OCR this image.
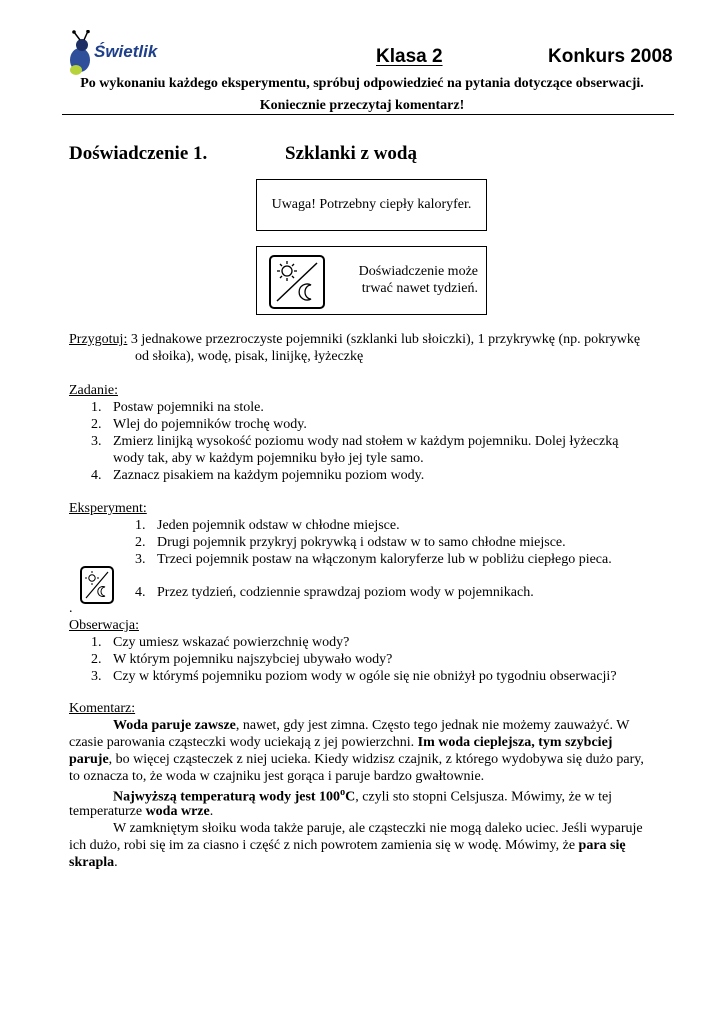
Świetlik	Klasa 2	Konkurs 2008
Po wykonaniu każdego eksperymentu, spróbuj odpowiedzieć na pytania dotyczące obserwacji.
Koniecznie przeczytaj komentarz!
Doświadczenie 1.	Szklanki z wodą
Uwaga! Potrzebny ciepły kaloryfer.
Doświadczenie może
trwać nawet tydzień.
Przygotuj: 3 jednakowe przezroczyste pojemniki (szklanki lub słoiczki), 1 przykrywkę (np. pokrywkę
od słoika), wodę, pisak, linijkę, łyżeczkę
Zadanie:
1. Postaw pojemniki na stole.
2. Wlej do pojemników trochę wody.
3. Zmierz linijką wysokość poziomu wody nad stołem w każdym pojemniku. Dolej łyżeczką
wody tak, aby w każdym pojemniku było jej tyle samo.
4. Zaznacz pisakiem na każdym pojemniku poziom wody.
Eksperyment:
1. Jeden pojemnik odstaw w chłodne miejsce.
2. Drugi pojemnik przykryj pokrywką i odstaw w to samo chłodne miejsce.
3. Trzeci pojemnik postaw na włączonym kaloryferze lub w pobliżu ciepłego pieca.
4. Przez tydzień, codziennie sprawdzaj poziom wody w pojemnikach.
.
Obserwacja:
1. Czy umiesz wskazać powierzchnię wody?
2. W którym pojemniku najszybciej ubywało wody?
3. Czy w którymś pojemniku poziom wody w ogóle się nie obniżył po tygodniu obserwacji?
Komentarz:
Woda paruje zawsze, nawet, gdy jest zimna. Często tego jednak nie możemy zauważyć. W
czasie parowania cząsteczki wody uciekają z jej powierzchni. Im woda cieplejsza, tym szybciej
paruje, bo więcej cząsteczek z niej ucieka. Kiedy widzisz czajnik, z którego wydobywa się dużo pary,
to oznacza to, że woda w czajniku jest gorąca i paruje bardzo gwałtownie.
Najwyższą temperaturą wody jest 100$^o$C, czyli sto stopni Celsjusza. Mówimy, że w tej
temperaturze woda wrze.
W zamkniętym słoiku woda także paruje, ale cząsteczki nie mogą daleko uciec. Jeśli wyparuje
ich dużo, robi się im za ciasno i część z nich powrotem zamienia się w wodę. Mówimy, że para się
skrapla.
